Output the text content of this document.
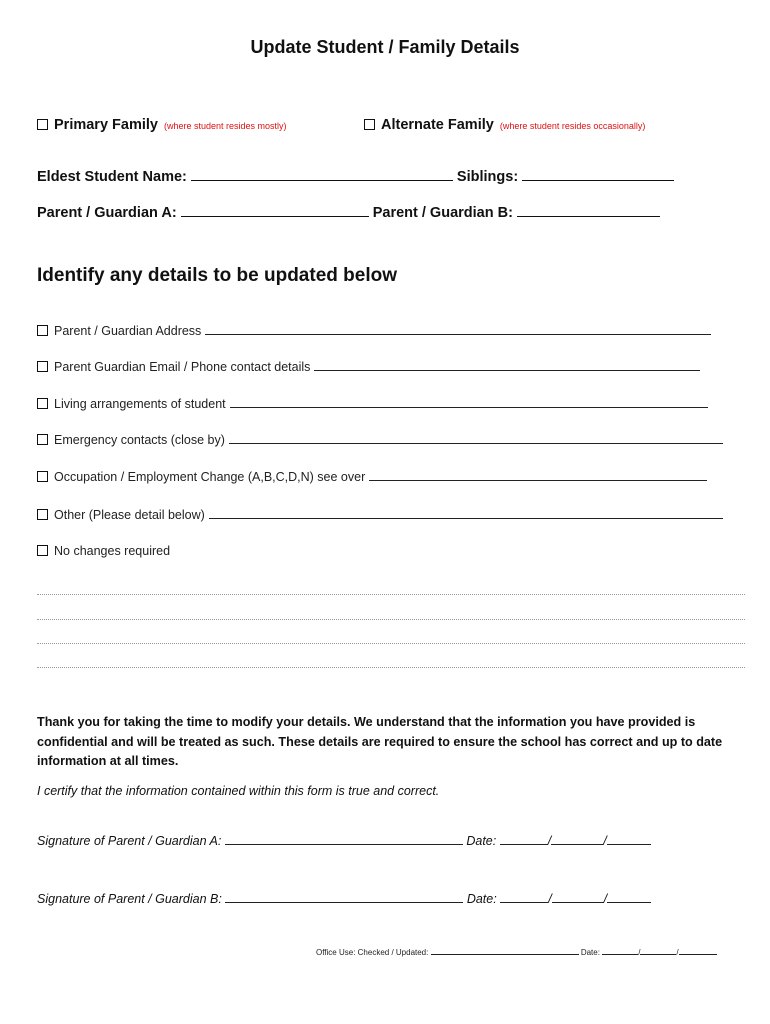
Update Student / Family Details
Primary Family (where student resides mostly)	Alternate Family (where student resides occasionally)
Eldest Student Name:	Siblings:
Parent / Guardian A:	Parent / Guardian B:
Identify any details to be updated below
Parent / Guardian Address
Parent Guardian Email / Phone contact details
Living arrangements of student
Emergency contacts (close by)
Occupation / Employment Change (A,B,C,D,N) see over
Other (Please detail below)
No changes required
Thank you for taking the time to modify your details. We understand that the information you have provided is confidential and will be treated as such. These details are required to ensure the school has correct and up to date information at all times.
I certify that the information contained within this form is true and correct.
Signature of Parent / Guardian A:	Date:	/	/
Signature of Parent / Guardian B:	Date:	/	/
Office Use: Checked / Updated:	Date:	/	/
